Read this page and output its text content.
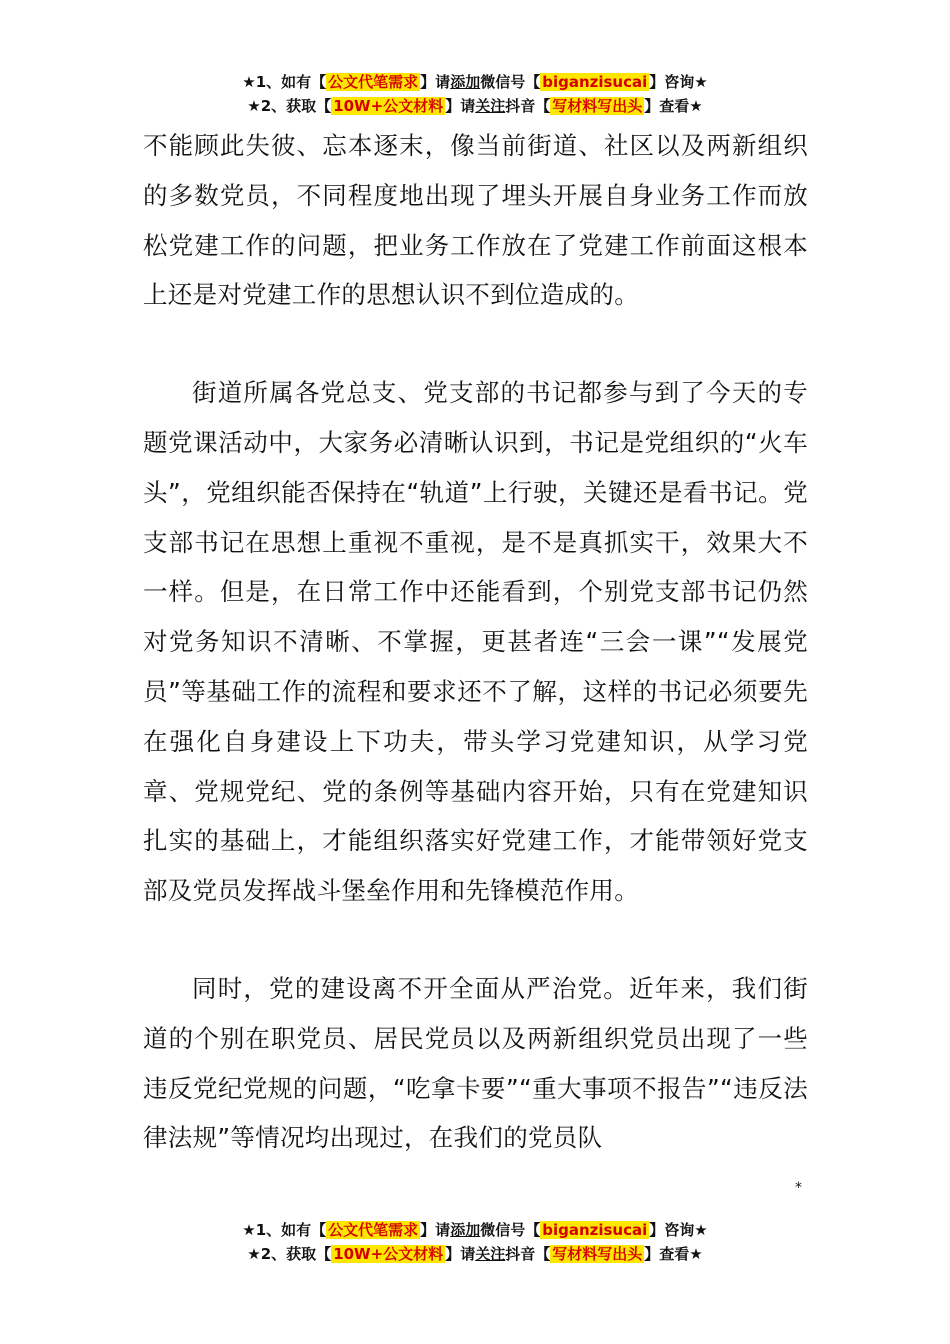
★1、如有【 公文代笔需求 】请添加微信号【 biganzisucai 】咨询★
★2、获取【 10W+公文材料 】请关注抖音【 写材料写出头 】查看★

不能顾此失彼、忘本逐末，像当前街道、社区以及两新组织的多数党员，不同程度地出现了埋头开展自身业务工作而放松党建工作的问题，把业务工作放在了党建工作前面这根本上还是对党建工作的思想认识不到位造成的。

街道所属各党总支、党支部的书记都参与到了今天的专题党课活动中，大家务必清晰认识到，书记是党组织的“火车头”，党组织能否保持在“轨道”上行驶，关键还是看书记。党支部书记在思想上重视不重视，是不是真抓实干，效果大不一样。但是，在日常工作中还能看到，个别党支部书记仍然对党务知识不清晰、不掌握，更甚者连“三会一课”“发展党员”等基础工作的流程和要求还不了解，这样的书记必须要先在强化自身建设上下功夫，带头学习党建知识，从学习党章、党规党纪、党的条例等基础内容开始，只有在党建知识扎实的基础上，才能组织落实好党建工作，才能带领好党支部及党员发挥战斗堡垒作用和先锋模范作用。

同时，党的建设离不开全面从严治党。近年来，我们街道的个别在职党员、居民党员以及两新组织党员出现了一些违反党纪党规的问题，“吃拿卡要”“重大事项不报告”“违反法律法规”等情况均出现过，在我们的党员队

*
★1、如有【 公文代笔需求 】请添加微信号【 biganzisucai 】咨询★
★2、获取【 10W+公文材料 】请关注抖音【 写材料写出头 】查看★
